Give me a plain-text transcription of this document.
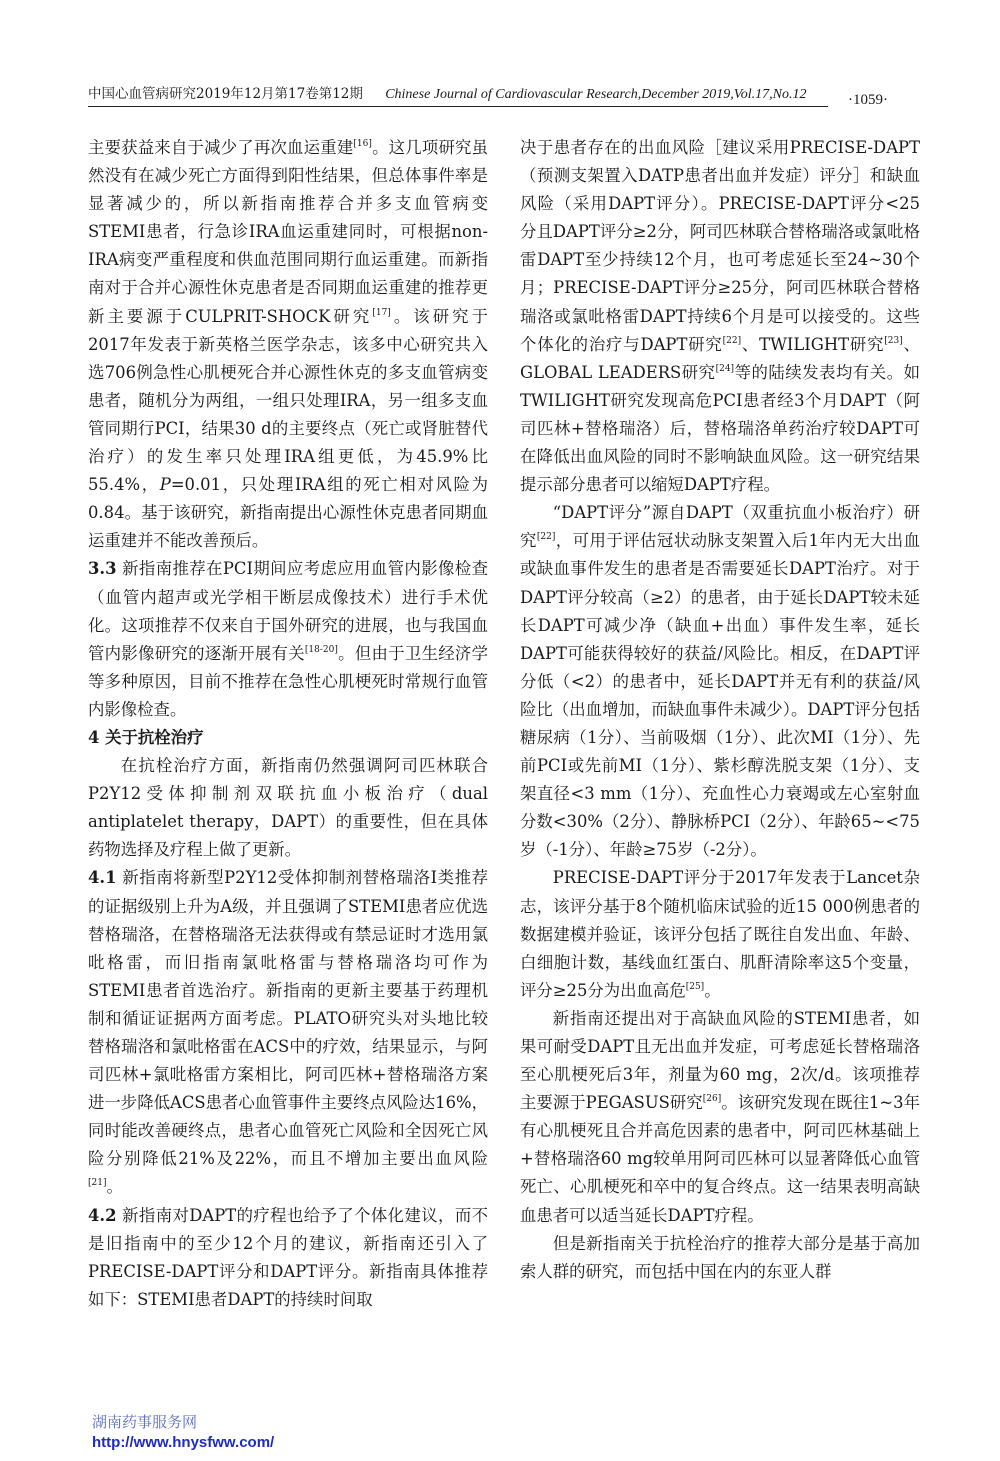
中国心血管病研究2019年12月第17卷第12期 Chinese Journal of Cardiovascular Research,December 2019,Vol.17,No.12	·1059·

主要获益来自于减少了再次血运重建[16]。这几项研究虽然没有在减少死亡方面得到阳性结果，但总体事件率是显著减少的，所以新指南推荐合并多支血管病变STEMI患者，行急诊IRA血运重建同时，可根据non-IRA病变严重程度和供血范围同期行血运重建。而新指南对于合并心源性休克患者是否同期血运重建的推荐更新主要源于CULPRIT-SHOCK研究[17]。该研究于2017年发表于新英格兰医学杂志，该多中心研究共入选706例急性心肌梗死合并心源性休克的多支血管病变患者，随机分为两组，一组只处理IRA，另一组多支血管同期行PCI，结果30 d的主要终点（死亡或肾脏替代治疗）的发生率只处理IRA组更低，为45.9%比55.4%，P=0.01，只处理IRA组的死亡相对风险为0.84。基于该研究，新指南提出心源性休克患者同期血运重建并不能改善预后。

3.3 新指南推荐在PCI期间应考虑应用血管内影像检查（血管内超声或光学相干断层成像技术）进行手术优化。这项推荐不仅来自于国外研究的进展，也与我国血管内影像研究的逐渐开展有关[18-20]。但由于卫生经济学等多种原因，目前不推荐在急性心肌梗死时常规行血管内影像检查。

4 关于抗栓治疗

在抗栓治疗方面，新指南仍然强调阿司匹林联合P2Y12受体抑制剂双联抗血小板治疗（dual antiplatelet therapy，DAPT）的重要性，但在具体药物选择及疗程上做了更新。

4.1 新指南将新型P2Y12受体抑制剂替格瑞洛Ⅰ类推荐的证据级别上升为A级，并且强调了STEMI患者应优选替格瑞洛，在替格瑞洛无法获得或有禁忌证时才选用氯吡格雷，而旧指南氯吡格雷与替格瑞洛均可作为STEMI患者首选治疗。新指南的更新主要基于药理机制和循证证据两方面考虑。PLATO研究头对头地比较替格瑞洛和氯吡格雷在ACS中的疗效，结果显示，与阿司匹林+氯吡格雷方案相比，阿司匹林+替格瑞洛方案进一步降低ACS患者心血管事件主要终点风险达16%，同时能改善硬终点，患者心血管死亡风险和全因死亡风险分别降低21%及22%，而且不增加主要出血风险[21]。

4.2 新指南对DAPT的疗程也给予了个体化建议，而不是旧指南中的至少12个月的建议，新指南还引入了PRECISE-DAPT评分和DAPT评分。新指南具体推荐如下：STEMI患者DAPT的持续时间取

决于患者存在的出血风险［建议采用PRECISE-DAPT（预测支架置入DATP患者出血并发症）评分］和缺血风险（采用DAPT评分）。PRECISE-DAPT评分<25分且DAPT评分≥2分，阿司匹林联合替格瑞洛或氯吡格雷DAPT至少持续12个月，也可考虑延长至24~30个月；PRECISE-DAPT评分≥25分，阿司匹林联合替格瑞洛或氯吡格雷DAPT持续6个月是可以接受的。这些个体化的治疗与DAPT研究[22]、TWILIGHT研究[23]、GLOBAL LEADERS研究[24]等的陆续发表均有关。如TWILIGHT研究发现高危PCI患者经3个月DAPT（阿司匹林+替格瑞洛）后，替格瑞洛单药治疗较DAPT可在降低出血风险的同时不影响缺血风险。这一研究结果提示部分患者可以缩短DAPT疗程。

“DAPT评分”源自DAPT（双重抗血小板治疗）研究[22]，可用于评估冠状动脉支架置入后1年内无大出血或缺血事件发生的患者是否需要延长DAPT治疗。对于DAPT评分较高（≥2）的患者，由于延长DAPT较未延长DAPT可减少净（缺血+出血）事件发生率，延长DAPT可能获得较好的获益/风险比。相反，在DAPT评分低（<2）的患者中，延长DAPT并无有利的获益/风险比（出血增加，而缺血事件未减少）。DAPT评分包括糖尿病（1分）、当前吸烟（1分）、此次MI（1分）、先前PCI或先前MI（1分）、紫杉醇洗脱支架（1分）、支架直径<3 mm（1分）、充血性心力衰竭或左心室射血分数<30%（2分）、静脉桥PCI（2分）、年龄65~<75岁（-1分）、年龄≥75岁（-2分）。

PRECISE-DAPT评分于2017年发表于Lancet杂志，该评分基于8个随机临床试验的近15 000例患者的数据建模并验证，该评分包括了既往自发出血、年龄、白细胞计数，基线血红蛋白、肌酐清除率这5个变量，评分≥25分为出血高危[25]。

新指南还提出对于高缺血风险的STEMI患者，如果可耐受DAPT且无出血并发症，可考虑延长替格瑞洛至心肌梗死后3年，剂量为60 mg，2次/d。该项推荐主要源于PEGASUS研究[26]。该研究发现在既往1~3年有心肌梗死且合并高危因素的患者中，阿司匹林基础上+替格瑞洛60 mg较单用阿司匹林可以显著降低心血管死亡、心肌梗死和卒中的复合终点。这一结果表明高缺血患者可以适当延长DAPT疗程。

但是新指南关于抗栓治疗的推荐大部分是基于高加索人群的研究，而包括中国在内的东亚人群

湖南药事服务网
http://www.hnysfww.com/
